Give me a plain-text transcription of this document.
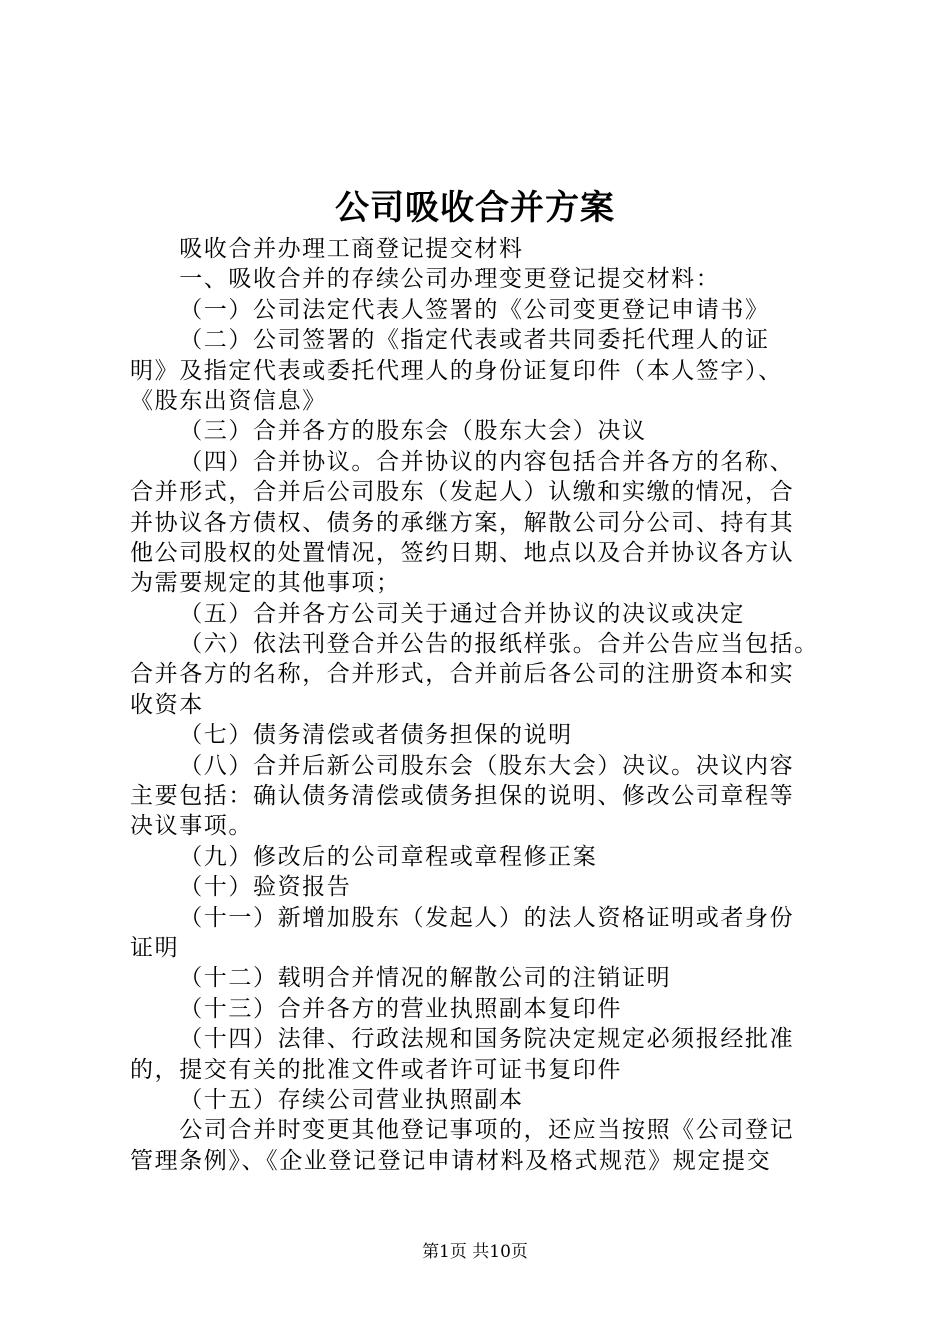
公司吸收合并方案
吸收合并办理工商登记提交材料
一、吸收合并的存续公司办理变更登记提交材料：
（一）公司法定代表人签署的《公司变更登记申请书》
（二）公司签署的《指定代表或者共同委托代理人的证
明》及指定代表或委托代理人的身份证复印件（本人签字）、
《股东出资信息》
（三）合并各方的股东会（股东大会）决议
（四）合并协议。合并协议的内容包括合并各方的名称、
合并形式，合并后公司股东（发起人）认缴和实缴的情况，合
并协议各方债权、债务的承继方案，解散公司分公司、持有其
他公司股权的处置情况，签约日期、地点以及合并协议各方认
为需要规定的其他事项；
（五）合并各方公司关于通过合并协议的决议或决定
（六）依法刊登合并公告的报纸样张。合并公告应当包括。
合并各方的名称，合并形式，合并前后各公司的注册资本和实
收资本
（七）债务清偿或者债务担保的说明
（八）合并后新公司股东会（股东大会）决议。决议内容
主要包括：确认债务清偿或债务担保的说明、修改公司章程等
决议事项。
（九）修改后的公司章程或章程修正案
（十）验资报告
（十一）新增加股东（发起人）的法人资格证明或者身份
证明
（十二）载明合并情况的解散公司的注销证明
（十三）合并各方的营业执照副本复印件
（十四）法律、行政法规和国务院决定规定必须报经批准
的，提交有关的批准文件或者许可证书复印件
（十五）存续公司营业执照副本
公司合并时变更其他登记事项的，还应当按照《公司登记
管理条例》、《企业登记登记申请材料及格式规范》规定提交
第1页 共10页
